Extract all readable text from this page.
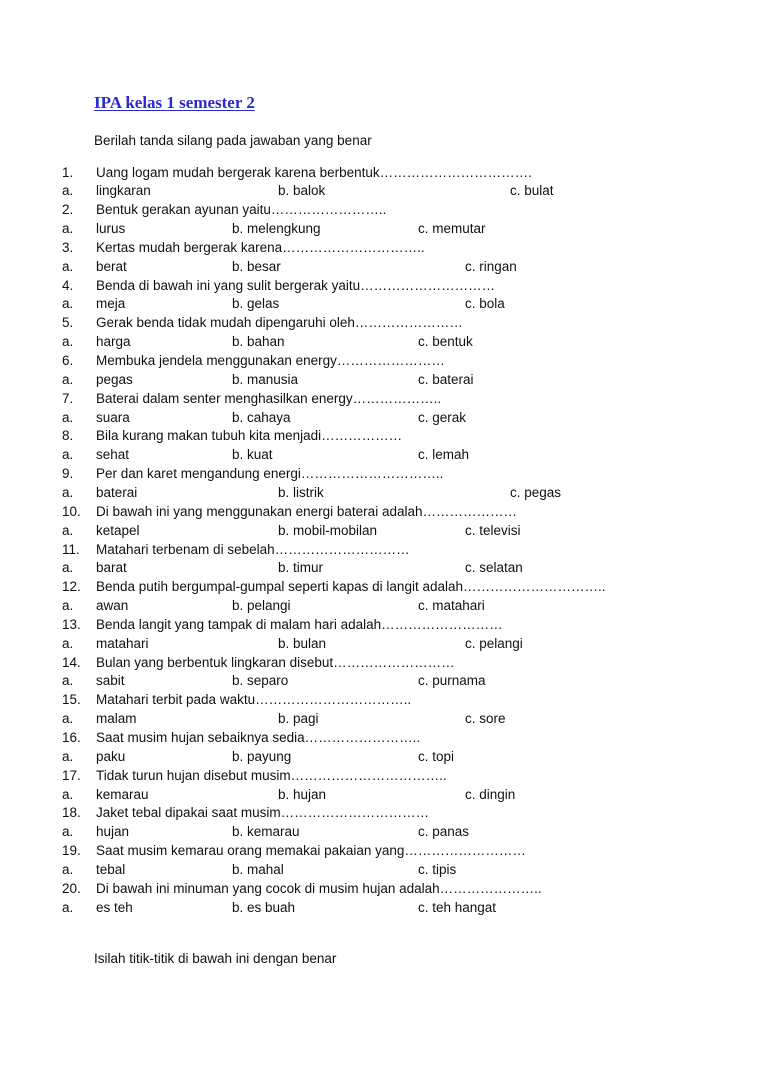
IPA kelas 1 semester 2
Berilah tanda silang pada jawaban yang benar
1. Uang logam mudah bergerak karena berbentuk…………………………….
a. lingkaran	b. balok	c. bulat
2. Bentuk gerakan ayunan yaitu……………………..
a. lurus	b. melengkung	c. memutar
3. Kertas mudah bergerak karena…………………………..
a. berat	b. besar	c. ringan
4. Benda di bawah ini yang sulit bergerak yaitu…………………………
a. meja	b. gelas	c. bola
5. Gerak benda tidak mudah dipengaruhi oleh……………………
a. harga	b. bahan	c. bentuk
6. Membuka jendela menggunakan energy……………………
a. pegas	b. manusia	c. baterai
7. Baterai dalam senter menghasilkan energy………………..
a. suara	b. cahaya	c. gerak
8. Bila kurang makan tubuh kita menjadi………………
a. sehat	b. kuat	c. lemah
9. Per dan karet mengandung energi…………………………..
a. baterai	b. listrik	c. pegas
10. Di bawah ini yang menggunakan energi baterai adalah…………………
a. ketapel	b. mobil-mobilan	c. televisi
11. Matahari terbenam di sebelah…………………………
a. barat	b. timur	c. selatan
12. Benda putih bergumpal-gumpal seperti kapas di langit adalah…………………………..
a. awan	b. pelangi	c. matahari
13. Benda langit yang tampak di malam hari adalah………………………
a. matahari	b. bulan	c. pelangi
14. Bulan yang berbentuk lingkaran disebut………………………
a. sabit	b. separo	c. purnama
15. Matahari terbit pada waktu……………………………..
a. malam	b. pagi	c. sore
16. Saat musim hujan sebaiknya sedia……………………..
a. paku	b. payung	c. topi
17. Tidak turun hujan disebut musim……………………………..
a. kemarau	b. hujan	c. dingin
18. Jaket tebal dipakai saat musim……………………………
a. hujan	b. kemarau	c. panas
19. Saat musim kemarau orang memakai pakaian yang………………………
a. tebal	b. mahal	c. tipis
20. Di bawah ini minuman yang cocok di musim hujan adalah…………………..
a. es teh	b. es buah	c. teh hangat
Isilah titik-titik di bawah ini dengan benar
